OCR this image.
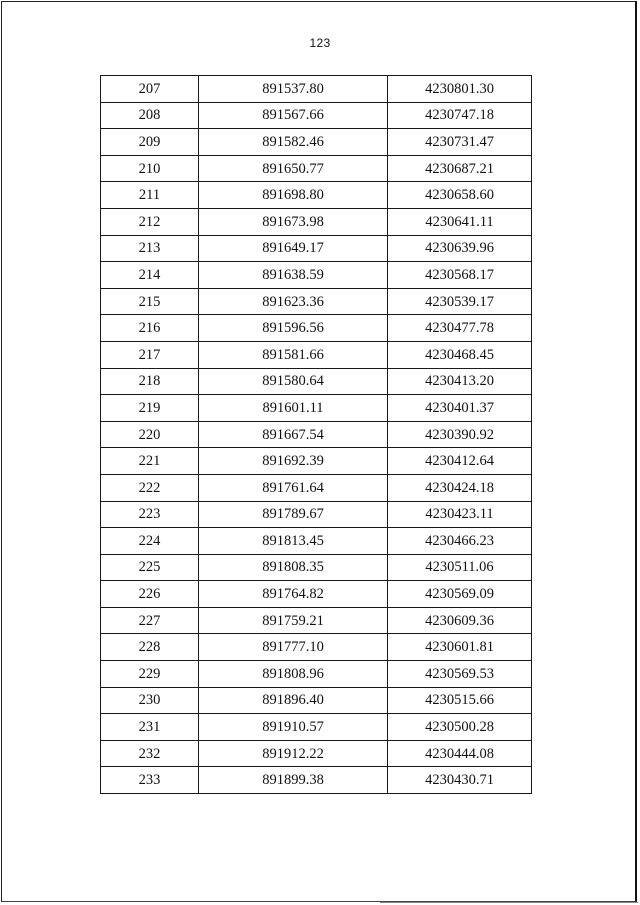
123
207	891537.80	4230801.30
208	891567.66	4230747.18
209	891582.46	4230731.47
210	891650.77	4230687.21
211	891698.80	4230658.60
212	891673.98	4230641.11
213	891649.17	4230639.96
214	891638.59	4230568.17
215	891623.36	4230539.17
216	891596.56	4230477.78
217	891581.66	4230468.45
218	891580.64	4230413.20
219	891601.11	4230401.37
220	891667.54	4230390.92
221	891692.39	4230412.64
222	891761.64	4230424.18
223	891789.67	4230423.11
224	891813.45	4230466.23
225	891808.35	4230511.06
226	891764.82	4230569.09
227	891759.21	4230609.36
228	891777.10	4230601.81
229	891808.96	4230569.53
230	891896.40	4230515.66
231	891910.57	4230500.28
232	891912.22	4230444.08
233	891899.38	4230430.71
